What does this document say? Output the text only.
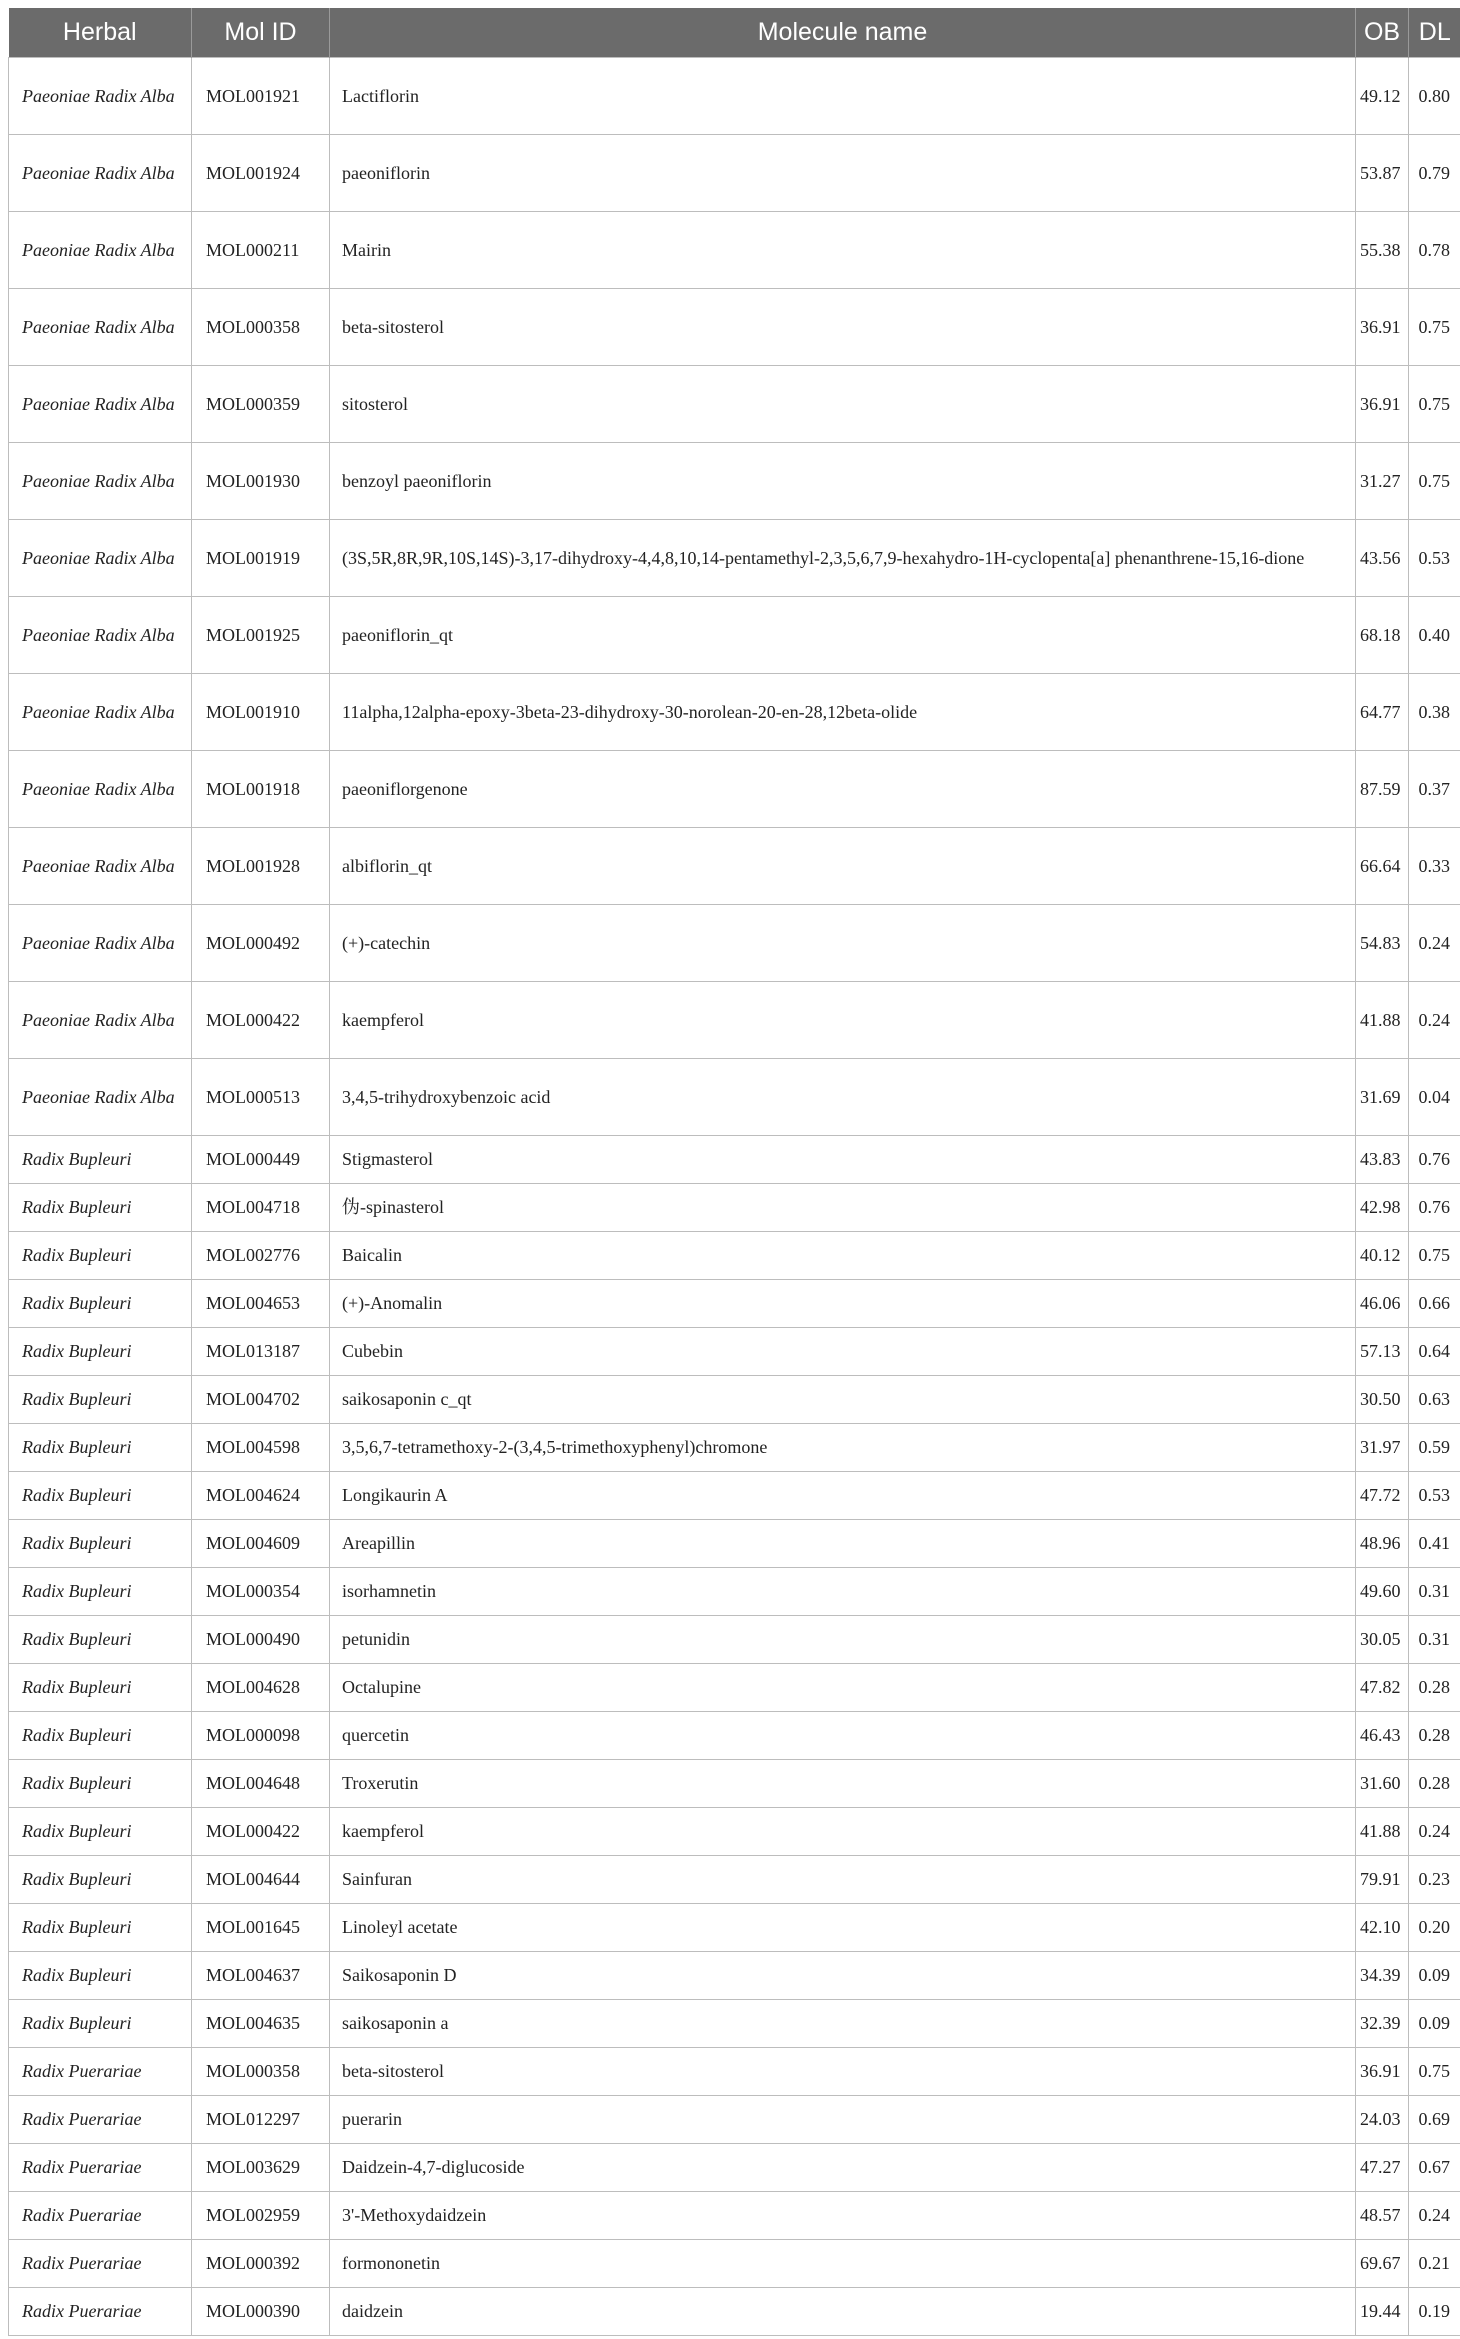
Herbal	Mol ID	Molecule name	OB	DL
Paeoniae Radix Alba	MOL001921	Lactiflorin	49.12	0.80
Paeoniae Radix Alba	MOL001924	paeoniflorin	53.87	0.79
Paeoniae Radix Alba	MOL000211	Mairin	55.38	0.78
Paeoniae Radix Alba	MOL000358	beta-sitosterol	36.91	0.75
Paeoniae Radix Alba	MOL000359	sitosterol	36.91	0.75
Paeoniae Radix Alba	MOL001930	benzoyl paeoniflorin	31.27	0.75
Paeoniae Radix Alba	MOL001919	(3S,5R,8R,9R,10S,14S)-3,17-dihydroxy-4,4,8,10,14-pentamethyl-2,3,5,6,7,9-hexahydro-1H-cyclopenta[a] phenanthrene-15,16-dione	43.56	0.53
Paeoniae Radix Alba	MOL001925	paeoniflorin_qt	68.18	0.40
Paeoniae Radix Alba	MOL001910	11alpha,12alpha-epoxy-3beta-23-dihydroxy-30-norolean-20-en-28,12beta-olide	64.77	0.38
Paeoniae Radix Alba	MOL001918	paeoniflorgenone	87.59	0.37
Paeoniae Radix Alba	MOL001928	albiflorin_qt	66.64	0.33
Paeoniae Radix Alba	MOL000492	(+)-catechin	54.83	0.24
Paeoniae Radix Alba	MOL000422	kaempferol	41.88	0.24
Paeoniae Radix Alba	MOL000513	3,4,5-trihydroxybenzoic acid	31.69	0.04
Radix Bupleuri	MOL000449	Stigmasterol	43.83	0.76
Radix Bupleuri	MOL004718	伪-spinasterol	42.98	0.76
Radix Bupleuri	MOL002776	Baicalin	40.12	0.75
Radix Bupleuri	MOL004653	(+)-Anomalin	46.06	0.66
Radix Bupleuri	MOL013187	Cubebin	57.13	0.64
Radix Bupleuri	MOL004702	saikosaponin c_qt	30.50	0.63
Radix Bupleuri	MOL004598	3,5,6,7-tetramethoxy-2-(3,4,5-trimethoxyphenyl)chromone	31.97	0.59
Radix Bupleuri	MOL004624	Longikaurin A	47.72	0.53
Radix Bupleuri	MOL004609	Areapillin	48.96	0.41
Radix Bupleuri	MOL000354	isorhamnetin	49.60	0.31
Radix Bupleuri	MOL000490	petunidin	30.05	0.31
Radix Bupleuri	MOL004628	Octalupine	47.82	0.28
Radix Bupleuri	MOL000098	quercetin	46.43	0.28
Radix Bupleuri	MOL004648	Troxerutin	31.60	0.28
Radix Bupleuri	MOL000422	kaempferol	41.88	0.24
Radix Bupleuri	MOL004644	Sainfuran	79.91	0.23
Radix Bupleuri	MOL001645	Linoleyl acetate	42.10	0.20
Radix Bupleuri	MOL004637	Saikosaponin D	34.39	0.09
Radix Bupleuri	MOL004635	saikosaponin a	32.39	0.09
Radix Puerariae	MOL000358	beta-sitosterol	36.91	0.75
Radix Puerariae	MOL012297	puerarin	24.03	0.69
Radix Puerariae	MOL003629	Daidzein-4,7-diglucoside	47.27	0.67
Radix Puerariae	MOL002959	3'-Methoxydaidzein	48.57	0.24
Radix Puerariae	MOL000392	formononetin	69.67	0.21
Radix Puerariae	MOL000390	daidzein	19.44	0.19
